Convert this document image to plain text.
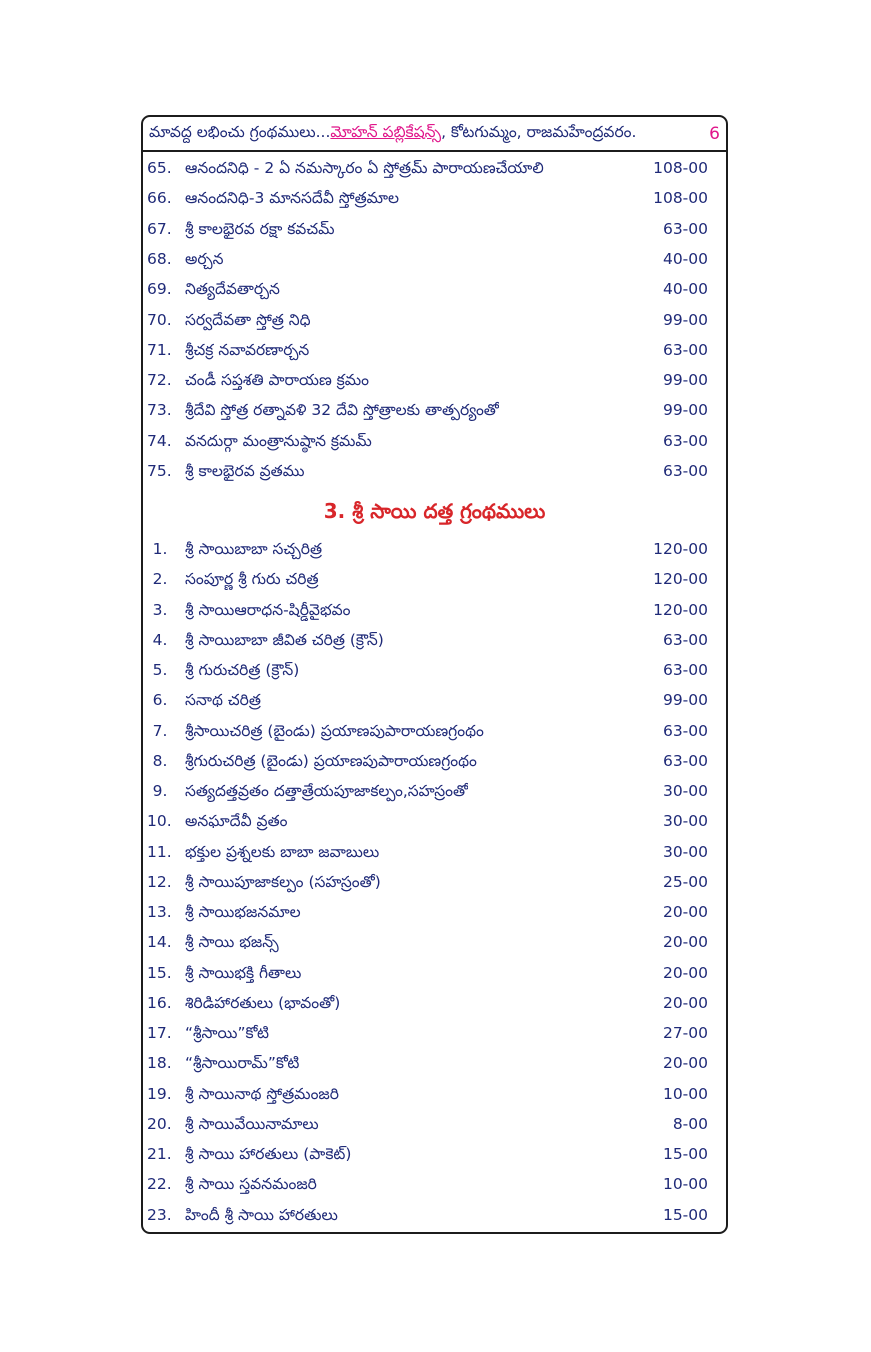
మావద్ద లభించు గ్రంథములు... మోహన్ పబ్లికేషన్స్ , కోటగుమ్మం, రాజమహేంద్రవరం.	6
65. ఆనందనిధి - 2 ఏ నమస్కారం ఏ స్తోత్రమ్ పారాయణచేయాలి	108-00
66. ఆనందనిధి-3 మానసదేవీ స్తోత్రమాల	108-00
67. శ్రీ కాలభైరవ రక్షా కవచమ్	63-00
68. అర్చన	40-00
69. నిత్యదేవతార్చన	40-00
70. సర్వదేవతా స్తోత్ర నిధి	99-00
71. శ్రీచక్ర నవావరణార్చన	63-00
72. చండీ సప్తశతి పారాయణ క్రమం	99-00
73. శ్రీదేవి స్తోత్ర రత్నావళి 32 దేవి స్తోత్రాలకు తాత్పర్యంతో	99-00
74. వనదుర్గా మంత్రానుష్ఠాన క్రమమ్	63-00
75. శ్రీ కాలభైరవ వ్రతము	63-00
3. శ్రీ సాయి దత్త గ్రంథములు
1.	శ్రీ సాయిబాబా సచ్చరిత్ర	120-00
2.	సంపూర్ణ శ్రీ గురు చరిత్ర	120-00
3.	శ్రీ సాయిఆరాధన-షిర్డీవైభవం	120-00
4.	శ్రీ సాయిబాబా జీవిత చరిత్ర (క్రౌన్)	63-00
5.	శ్రీ గురుచరిత్ర (క్రౌన్)	63-00
6.	సనాథ చరిత్ర	99-00
7.	శ్రీసాయిచరిత్ర (బైండు) ప్రయాణపుపారాయణగ్రంథం	63-00
8.	శ్రీగురుచరిత్ర (బైండు) ప్రయాణపుపారాయణగ్రంథం	63-00
9.	సత్యదత్తవ్రతం దత్తాత్రేయపూజాకల్పం,సహస్రంతో	30-00
10. అనఘాదేవీ వ్రతం	30-00
11. భక్తుల ప్రశ్నలకు బాబా జవాబులు	30-00
12. శ్రీ సాయిపూజాకల్పం (సహస్రంతో)	25-00
13. శ్రీ సాయిభజనమాల	20-00
14. శ్రీ సాయి భజన్స్	20-00
15. శ్రీ సాయిభక్తి గీతాలు	20-00
16. శిరిడిహారతులు (భావంతో)	20-00
17. “శ్రీసాయి”కోటి	27-00
18. “శ్రీసాయిరామ్”కోటి	20-00
19. శ్రీ సాయినాథ స్తోత్రమంజరి	10-00
20. శ్రీ సాయివేయినామాలు	8-00
21. శ్రీ సాయి హారతులు (పాకెట్)	15-00
22. శ్రీ సాయి స్తవనమంజరి	10-00
23. హిందీ శ్రీ సాయి హారతులు	15-00
